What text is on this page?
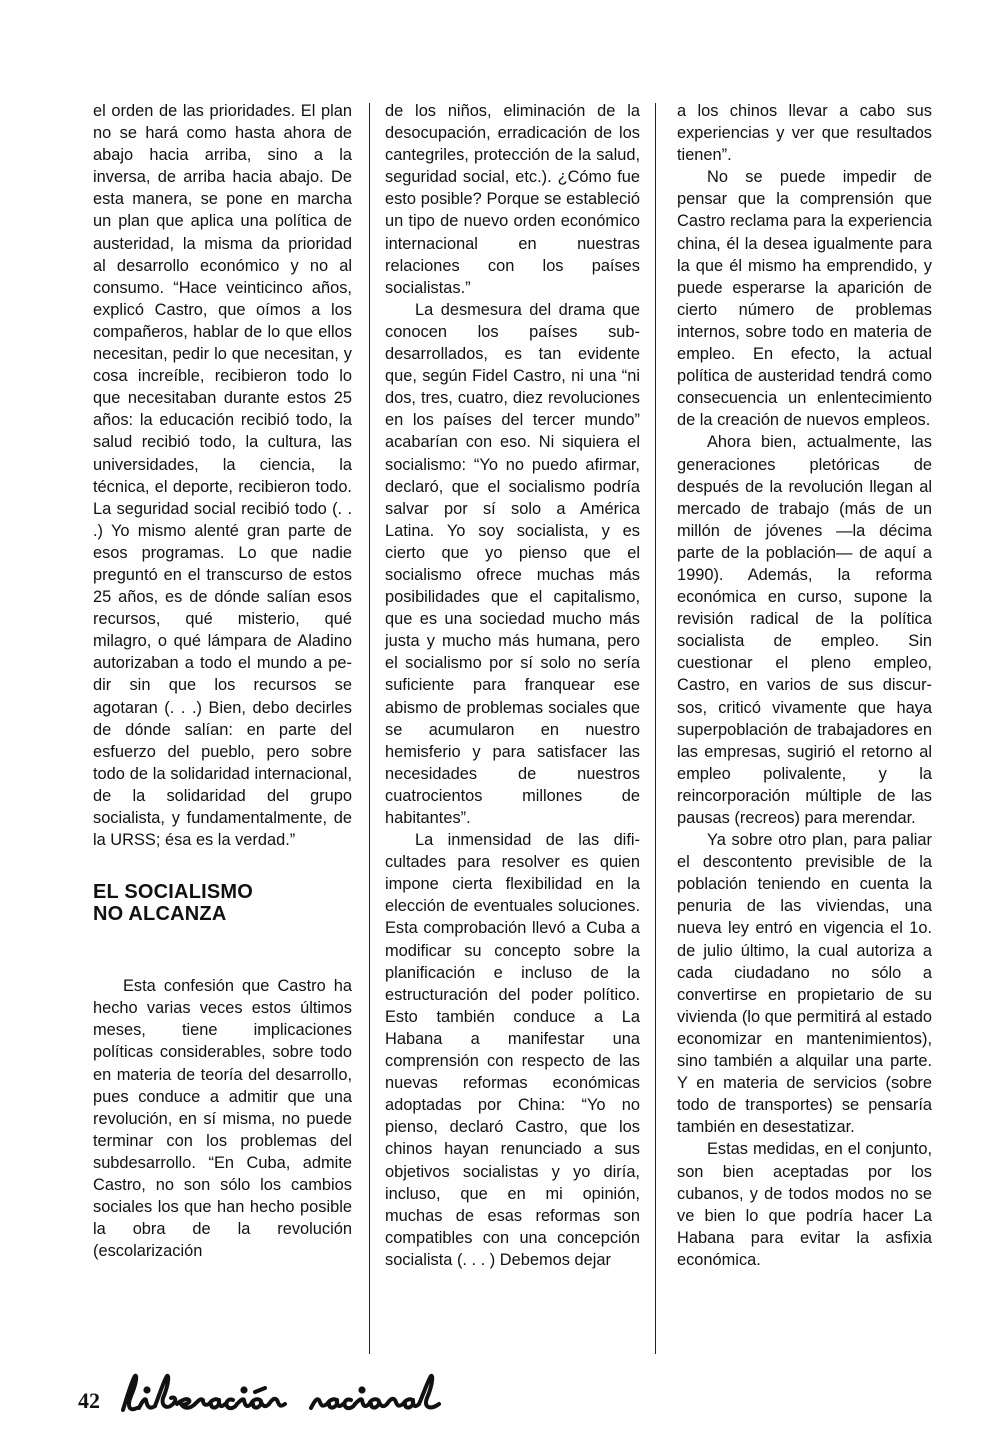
el orden de las prioridades. El plan no se hará como hasta ahora de abajo hacia arriba, sino a la inversa, de arriba hacia abajo. De esta manera, se pone en marcha un plan que aplica una política de austeridad, la misma da prioridad al desarrollo económico y no al consumo. “Hace veinticinco años, explicó Castro, que oímos a los compañeros, hablar de lo que ellos necesitan, pedir lo que necesitan, y cosa increíble, recibieron todo lo que necesitaban durante estos 25 años: la educación recibió todo, la salud recibió todo, la cultura, las universidades, la ciencia, la técnica, el deporte, recibieron todo. La seguridad social recibió todo (. . .) Yo mismo alenté gran parte de esos programas. Lo que nadie preguntó en el transcurso de estos 25 años, es de dónde salían esos recursos, qué misterio, qué milagro, o qué lámpara de Aladino autorizaban a todo el mundo a pedir sin que los recursos se agotaran (. . .) Bien, debo decirles de dónde salían: en parte del esfuerzo del pueblo, pero sobre todo de la solidaridad internacional, de la solidaridad del grupo socialista, y fundamentalmente, de la URSS; ésa es la verdad.”

EL SOCIALISMO
NO ALCANZA

Esta confesión que Castro ha hecho varias veces estos últimos meses, tiene implicaciones políticas considerables, sobre todo en materia de teoría del desarrollo, pues conduce a admitir que una revolución, en sí misma, no puede terminar con los problemas del subdesarrollo. “En Cuba, admite Castro, no son sólo los cambios sociales los que han hecho posible la obra de la revolución (escolarización

de los niños, eliminación de la desocupación, erradicación de los cantegriles, protección de la salud, seguridad social, etc.). ¿Cómo fue esto posible? Porque se estableció un tipo de nuevo orden económico internacional en nuestras relaciones con los países socialistas.”

La desmesura del drama que conocen los países subdesarrollados, es tan evidente que, según Fidel Castro, ni una “ni dos, tres, cuatro, diez revoluciones en los países del tercer mundo” acabarían con eso. Ni siquiera el socialismo: “Yo no puedo afirmar, declaró, que el socialismo podría salvar por sí solo a América Latina. Yo soy socialista, y es cierto que yo pienso que el socialismo ofrece muchas más posibilidades que el capitalismo, que es una sociedad mucho más justa y mucho más humana, pero el socialismo por sí solo no sería suficiente para franquear ese abismo de problemas sociales que se acumularon en nuestro hemisferio y para satisfacer las necesidades de nuestros cuatrocientos millones de habitantes”.

La inmensidad de las dificultades para resolver es quien impone cierta flexibilidad en la elección de eventuales soluciones. Esta comprobación llevó a Cuba a modificar su concepto sobre la planificación e incluso de la estructuración del poder político. Esto también conduce a La Habana a manifestar una comprensión con respecto de las nuevas reformas económicas adoptadas por China: “Yo no pienso, declaró Castro, que los chinos hayan renunciado a sus objetivos socialistas y yo diría, incluso, que en mi opinión, muchas de esas reformas son compatibles con una concepción socialista (. . . ) Debemos dejar

a los chinos llevar a cabo sus experiencias y ver que resultados tienen”.

No se puede impedir de pensar que la comprensión que Castro reclama para la experiencia china, él la desea igualmente para la que él mismo ha emprendido, y puede esperarse la aparición de cierto número de problemas internos, sobre todo en materia de empleo. En efecto, la actual política de austeridad tendrá como consecuencia un enlentecimiento de la creación de nuevos empleos.

Ahora bien, actualmente, las generaciones pletóricas de después de la revolución llegan al mercado de trabajo (más de un millón de jóvenes —la décima parte de la población— de aquí a 1990). Además, la reforma económica en curso, supone la revisión radical de la política socialista de empleo. Sin cuestionar el pleno empleo, Castro, en varios de sus discursos, criticó vivamente que haya superpoblación de trabajadores en las empresas, sugirió el retorno al empleo polivalente, y la reincorporación múltiple de las pausas (recreos) para merendar.

Ya sobre otro plan, para paliar el descontento previsible de la población teniendo en cuenta la penuria de las viviendas, una nueva ley entró en vigencia el 1o. de julio último, la cual autoriza a cada ciudadano no sólo a convertirse en propietario de su vivienda (lo que permitirá al estado economizar en mantenimientos), sino también a alquilar una parte. Y en materia de servicios (sobre todo de transportes) se pensaría también en desestatizar.

Estas medidas, en el conjunto, son bien aceptadas por los cubanos, y de todos modos no se ve bien lo que podría hacer La Habana para evitar la asfixia económica.

42
